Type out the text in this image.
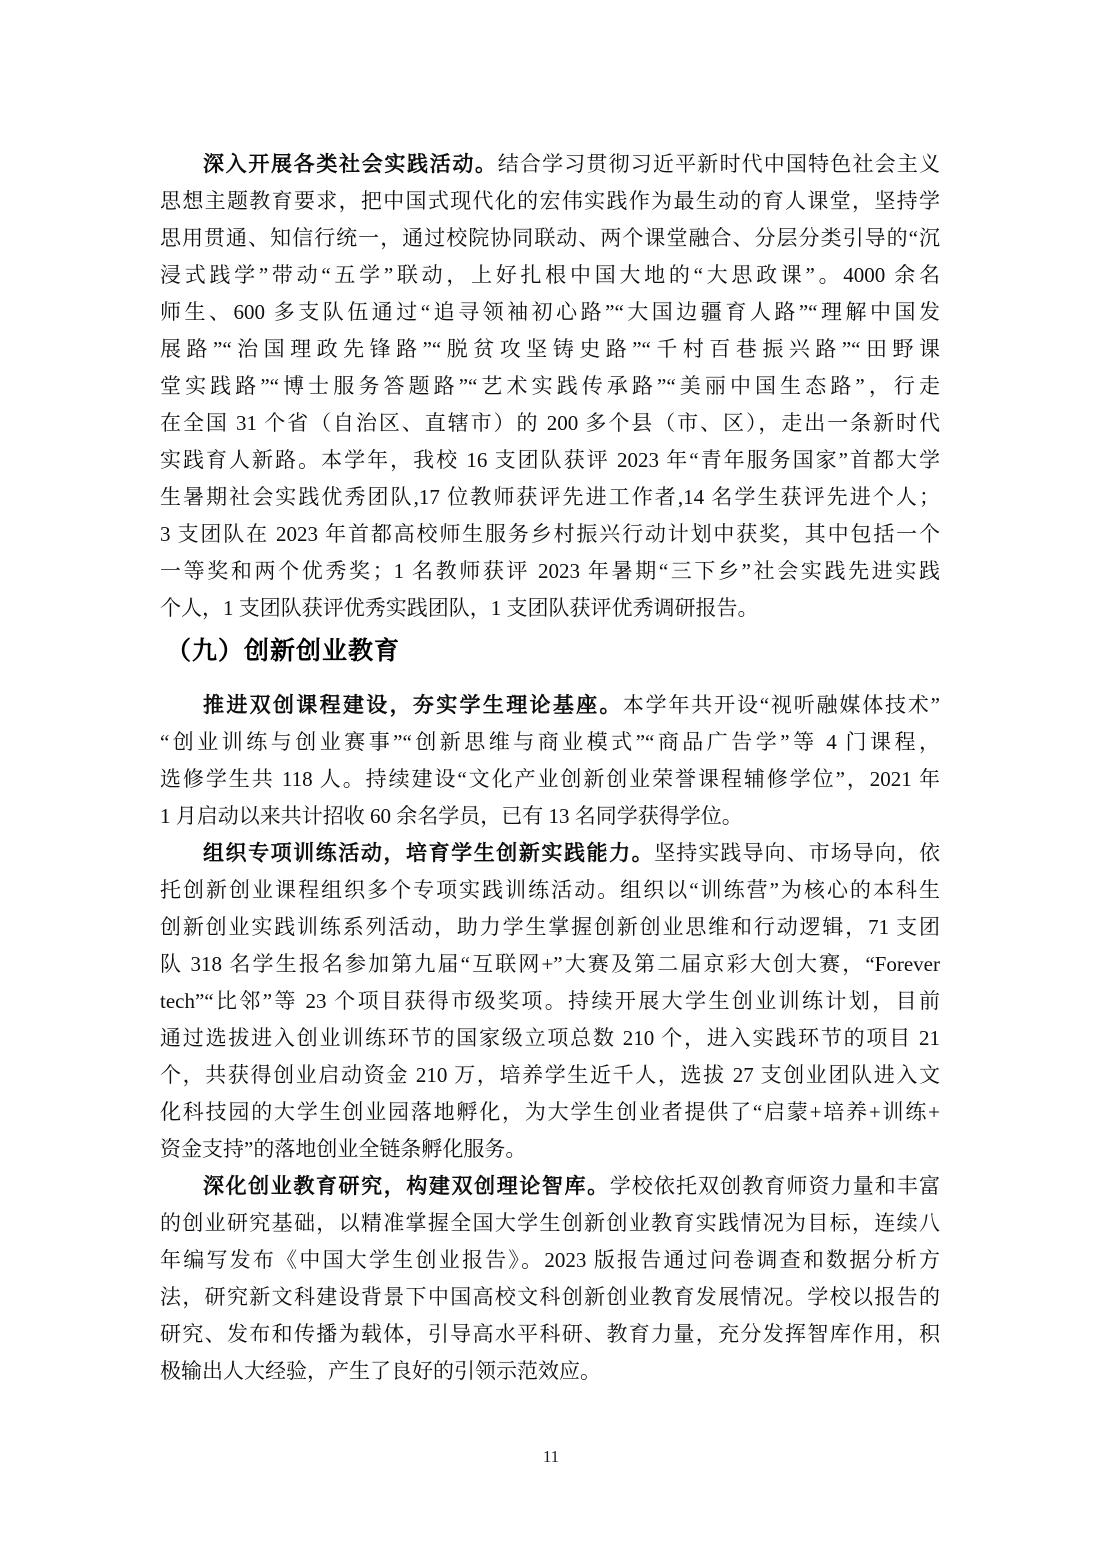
深入开展各类社会实践活动。结合学习贯彻习近平新时代中国特色社会主义
思想主题教育要求，把中国式现代化的宏伟实践作为最生动的育人课堂，坚持学
思用贯通、知信行统一，通过校院协同联动、两个课堂融合、分层分类引导的“沉
浸式践学”带动“五学”联动，上好扎根中国大地的“大思政课”。4000 余名
师生、600 多支队伍通过“追寻领袖初心路”“大国边疆育人路”“理解中国发
展路”“治国理政先锋路”“脱贫攻坚铸史路”“千村百巷振兴路”“田野课
堂实践路”“博士服务答题路”“艺术实践传承路”“美丽中国生态路”，行走
在全国 31 个省（自治区、直辖市）的 200 多个县（市、区），走出一条新时代
实践育人新路。本学年，我校 16 支团队获评 2023 年“青年服务国家”首都大学
生暑期社会实践优秀团队,17 位教师获评先进工作者,14 名学生获评先进个人；
3 支团队在 2023 年首都高校师生服务乡村振兴行动计划中获奖，其中包括一个
一等奖和两个优秀奖；1 名教师获评 2023 年暑期“三下乡”社会实践先进实践
个人，1 支团队获评优秀实践团队，1 支团队获评优秀调研报告。
（九）创新创业教育
推进双创课程建设，夯实学生理论基座。本学年共开设“视听融媒体技术”
“创业训练与创业赛事”“创新思维与商业模式”“商品广告学”等 4 门课程，
选修学生共 118 人。持续建设“文化产业创新创业荣誉课程辅修学位”，2021 年
1 月启动以来共计招收 60 余名学员，已有 13 名同学获得学位。
组织专项训练活动，培育学生创新实践能力。坚持实践导向、市场导向，依
托创新创业课程组织多个专项实践训练活动。组织以“训练营”为核心的本科生
创新创业实践训练系列活动，助力学生掌握创新创业思维和行动逻辑，71 支团
队 318 名学生报名参加第九届“互联网+”大赛及第二届京彩大创大赛，“Forever
tech”“比邻”等 23 个项目获得市级奖项。持续开展大学生创业训练计划，目前
通过选拔进入创业训练环节的国家级立项总数 210 个，进入实践环节的项目 21
个，共获得创业启动资金 210 万，培养学生近千人，选拔 27 支创业团队进入文
化科技园的大学生创业园落地孵化，为大学生创业者提供了“启蒙+培养+训练+
资金支持”的落地创业全链条孵化服务。
深化创业教育研究，构建双创理论智库。学校依托双创教育师资力量和丰富
的创业研究基础，以精准掌握全国大学生创新创业教育实践情况为目标，连续八
年编写发布《中国大学生创业报告》。2023 版报告通过问卷调查和数据分析方
法，研究新文科建设背景下中国高校文科创新创业教育发展情况。学校以报告的
研究、发布和传播为载体，引导高水平科研、教育力量，充分发挥智库作用，积
极输出人大经验，产生了良好的引领示范效应。
11
